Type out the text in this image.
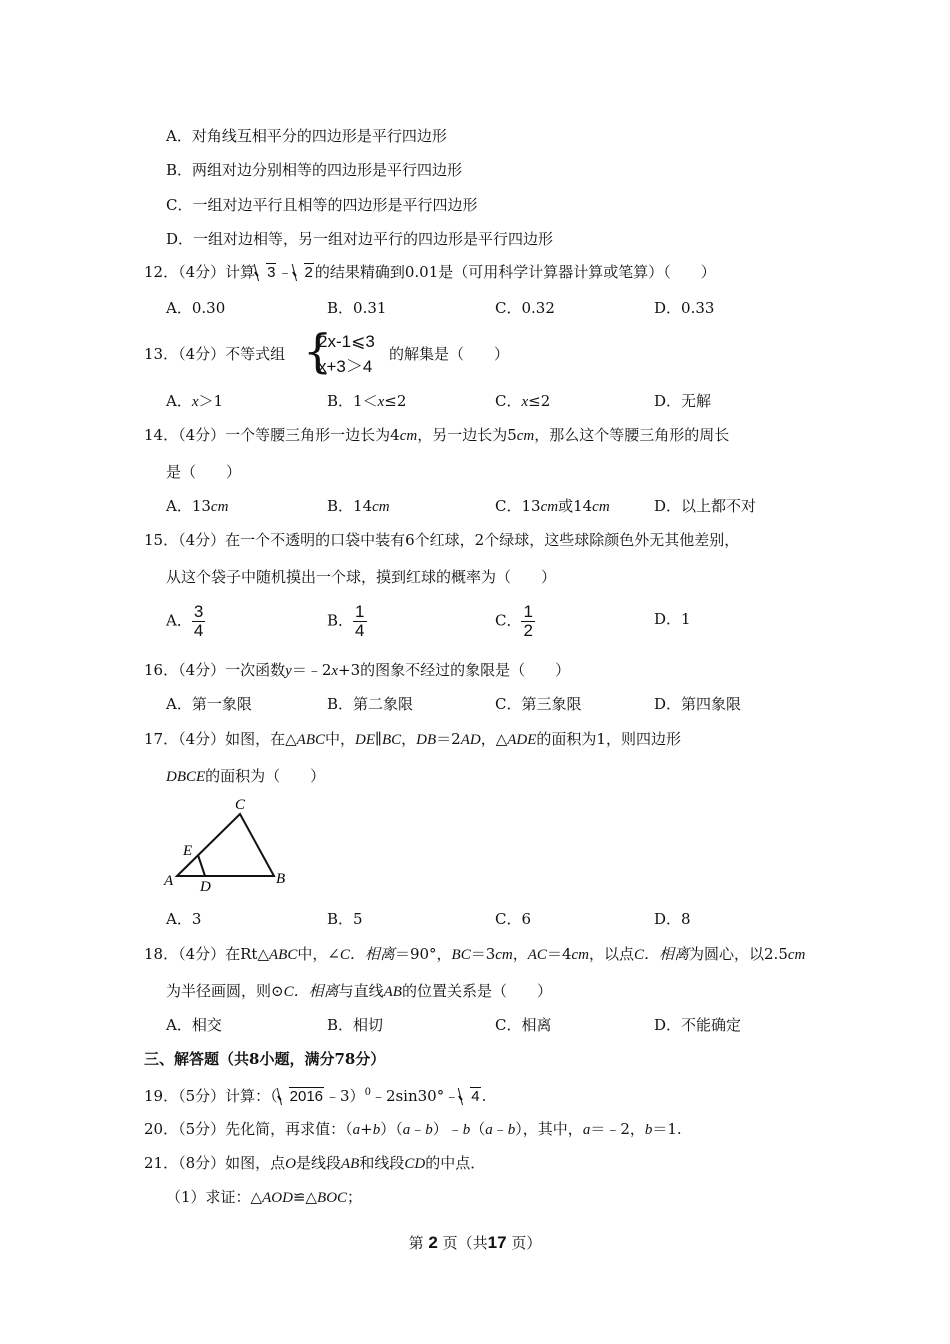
A．对角线互相平分的四边形是平行四边形
B．两组对边分别相等的四边形是平行四边形
C．一组对边平行且相等的四边形是平行四边形
D．一组对边相等，另一组对边平行的四边形是平行四边形
12．（4分）计算 3 ﹣ 2 的结果精确到0.01是（可用科学计算器计算或笔算）（　　）
A．0.30	B．0.31	C．0.32	D．0.33
13．（4分）不等式组 {
2x-1⩽3
x+3＞4
的解集是（　　）
A．x＞1	B．1＜x≤2	C．x≤2	D．无解
14．（4分）一个等腰三角形一边长为4cm，另一边长为5cm，那么这个等腰三角形的周长
是（　　）
A．13cm	B．14cm	C．13cm或14cm	D．以上都不对
15．（4分）在一个不透明的口袋中装有6个红球，2个绿球，这些球除颜色外无其他差别，
从这个袋子中随机摸出一个球，摸到红球的概率为（　　）
A． $\frac{3}{4}$	B． $\frac{1}{4}$	C． $\frac{1}{2}$	D．1
16．（4分）一次函数y＝﹣2x+3的图象不经过的象限是（　　）
A．第一象限	B．第二象限	C．第三象限	D．第四象限
17．（4分）如图，在△ABC中，DE∥BC，DB＝2AD，△ADE的面积为1，则四边形
DBCE的面积为（　　）
C
E
A D	B
A．3	B．5	C．6	D．8
18．（4分）在Rt△ABC中，∠C．相离＝90°，BC＝3cm，AC＝4cm，以点C．相离为圆心，以2.5cm
为半径画圆，则⊙C．相离与直线AB的位置关系是（　　）
A．相交	B．相切	C．相离	D．不能确定
三、解答题（共8小题，满分78分）
19．（5分）计算：（ 2016 ﹣3）$^0$﹣2sin30°﹣ 4 .
20．（5分）先化简，再求值：（a+b）（a﹣b）﹣b（a﹣b），其中，a＝﹣2，b＝1.
21．（8分）如图，点O是线段AB和线段CD的中点．
（1）求证：△AOD≌△BOC；
第 2 页（共17 页）
